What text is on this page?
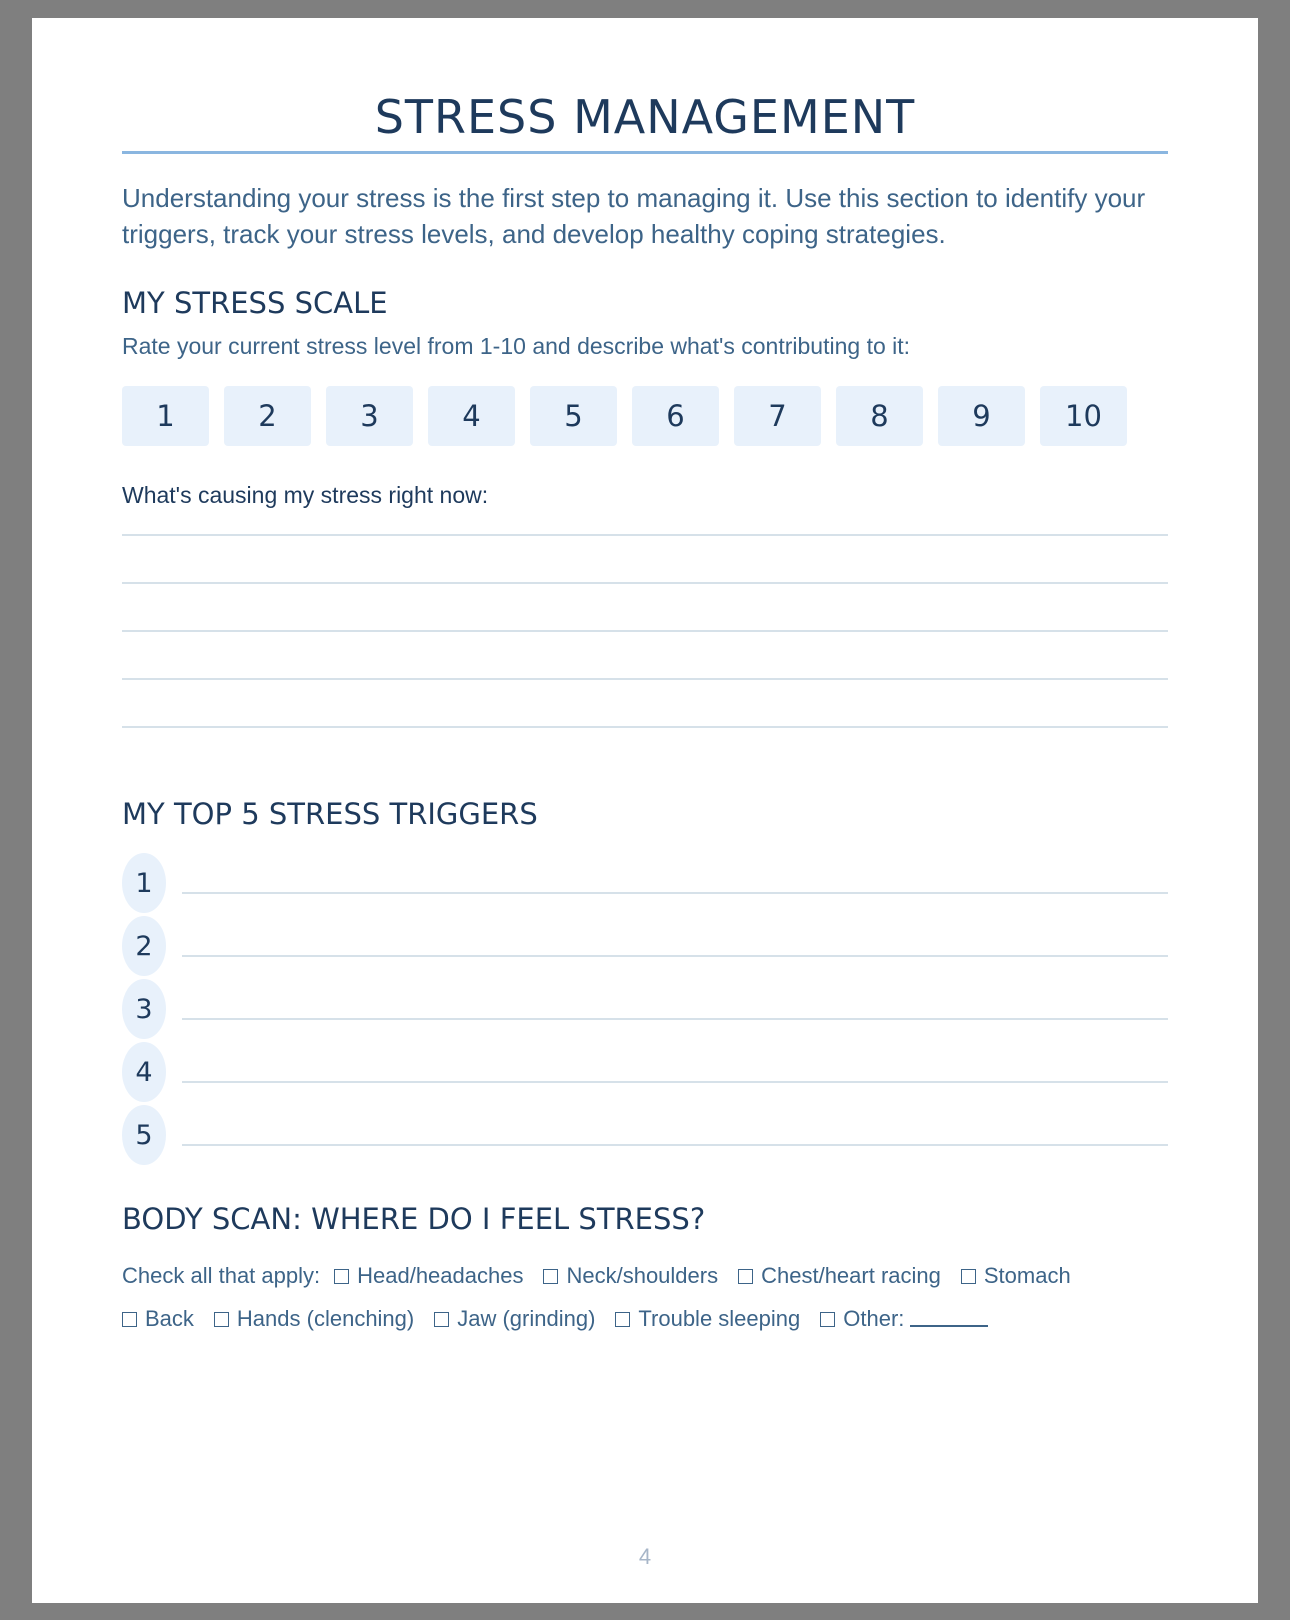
STRESS MANAGEMENT

Understanding your stress is the first step to managing it. Use this section to identify your triggers, track your stress levels, and develop healthy coping strategies.

MY STRESS SCALE

Rate your current stress level from 1-10 and describe what's contributing to it:

1	2	3	4	5	6	7	8	9	10

What's causing my stress right now:

MY TOP 5 STRESS TRIGGERS
1
2
3
4
5
BODY SCAN: WHERE DO I FEEL STRESS?
Check all that apply: Head/headaches Neck/shoulders Chest/heart racing Stomach
Back Hands (clenching) Jaw (grinding) Trouble sleeping Other:
4
